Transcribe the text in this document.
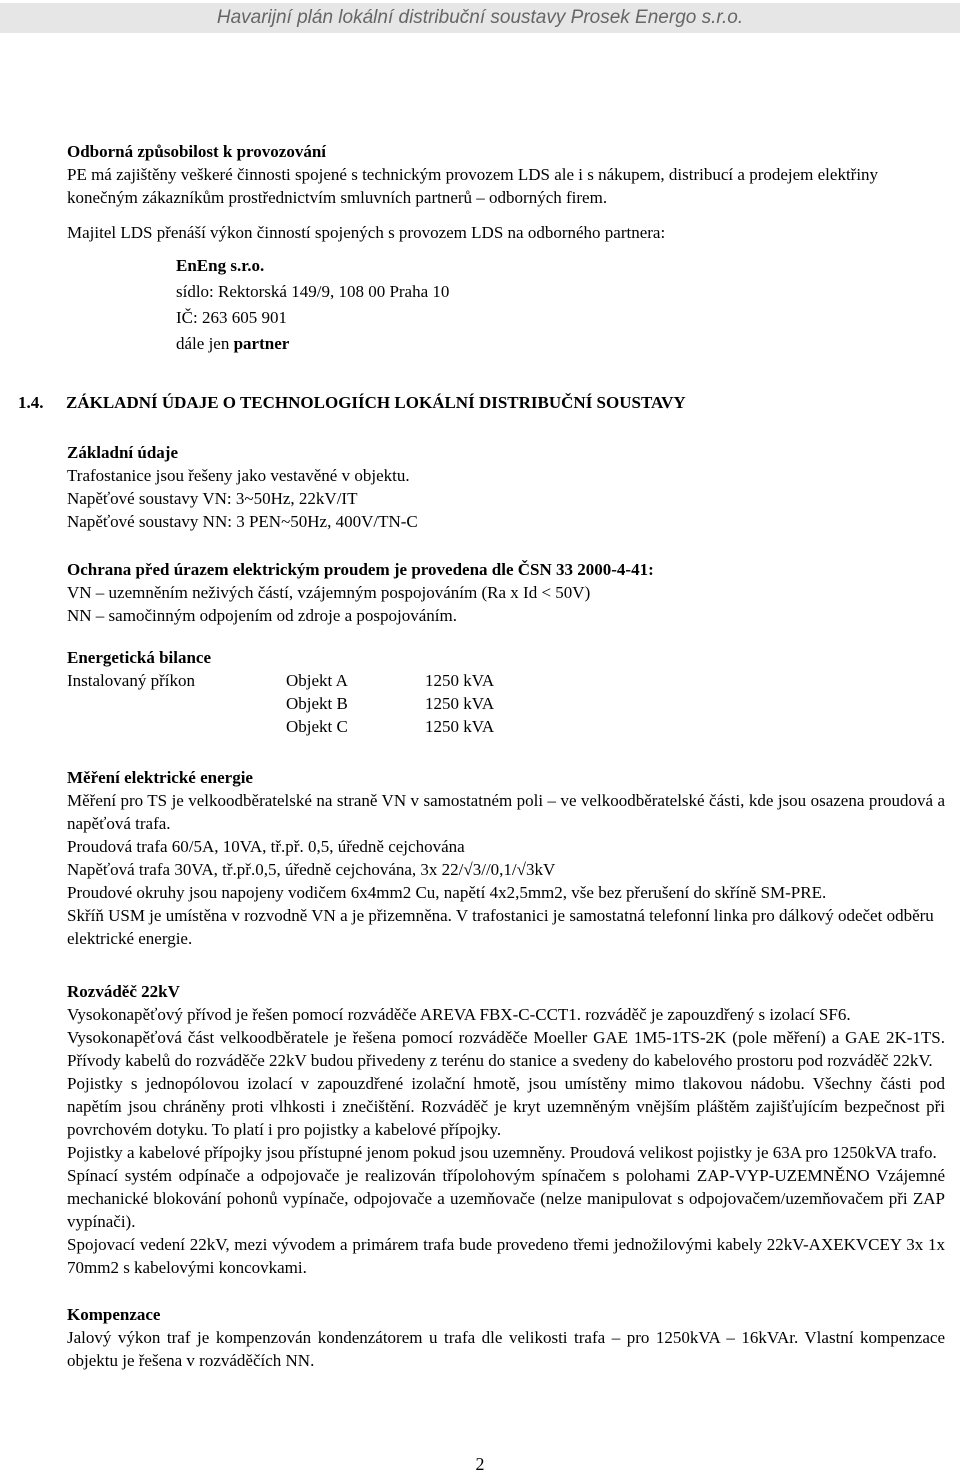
Havarijní plán lokální distribuční soustavy Prosek Energo s.r.o.

Odborná způsobilost k provozování

PE má zajištěny veškeré činnosti spojené s technickým provozem LDS ale i s nákupem, distribucí a prodejem elektřiny konečným zákazníkům prostřednictvím smluvních partnerů – odborných firem.

Majitel LDS přenáší výkon činností spojených s provozem LDS na odborného partnera:

EnEng s.r.o.

sídlo: Rektorská 149/9, 108 00 Praha 10

IČ: 263 605 901

dále jen partner

1.4. ZÁKLADNÍ ÚDAJE O TECHNOLOGIÍCH LOKÁLNÍ DISTRIBUČNÍ SOUSTAVY

Základní údaje

Trafostanice jsou řešeny jako vestavěné v objektu.

Napěťové soustavy VN: 3~50Hz, 22kV/IT

Napěťové soustavy NN: 3 PEN~50Hz, 400V/TN-C

Ochrana před úrazem elektrickým proudem je provedena dle ČSN 33 2000-4-41:

VN – uzemněním neživých částí, vzájemným pospojováním (Ra x Id < 50V)

NN – samočinným odpojením od zdroje a pospojováním.

Energetická bilance

Instalovaný příkon	Objekt A	1250 kVA
	Objekt B	1250 kVA
	Objekt C	1250 kVA

Měření elektrické energie

Měření pro TS je velkoodběratelské na straně VN v samostatném poli – ve velkoodběratelské části, kde jsou osazena proudová a napěťová trafa.

Proudová trafa 60/5A, 10VA, tř.př. 0,5, úředně cejchována

Napěťová trafa 30VA, tř.př.0,5, úředně cejchována, 3x 22/√3//0,1/√3kV

Proudové okruhy jsou napojeny vodičem 6x4mm2 Cu, napětí 4x2,5mm2, vše bez přerušení do skříně SM-PRE.

Skříň USM je umístěna v rozvodně VN a je přizemněna. V trafostanici je samostatná telefonní linka pro dálkový odečet odběru elektrické energie.

Rozváděč 22kV

Vysokonapěťový přívod je řešen pomocí rozváděče AREVA FBX-C-CCT1. rozváděč je zapouzdřený s izolací SF6.

Vysokonapěťová část velkoodběratele je řešena pomocí rozváděče Moeller GAE 1M5-1TS-2K (pole měření) a GAE 2K-1TS. Přívody kabelů do rozváděče 22kV budou přivedeny z terénu do stanice a svedeny do kabelového prostoru pod rozváděč 22kV.

Pojistky s jednopólovou izolací v zapouzdřené izolační hmotě, jsou umístěny mimo tlakovou nádobu. Všechny části pod napětím jsou chráněny proti vlhkosti i znečištění. Rozváděč je kryt uzemněným vnějším pláštěm zajišťujícím bezpečnost při povrchovém dotyku. To platí i pro pojistky a kabelové přípojky.

Pojistky a kabelové přípojky jsou přístupné jenom pokud jsou uzemněny. Proudová velikost pojistky je 63A pro 1250kVA trafo.

Spínací systém odpínače a odpojovače je realizován třípolohovým spínačem s polohami ZAP-VYP-UZEMNĚNO Vzájemné mechanické blokování pohonů vypínače, odpojovače a uzemňovače (nelze manipulovat s odpojovačem/uzemňovačem při ZAP vypínači).

Spojovací vedení 22kV, mezi vývodem a primárem trafa bude provedeno třemi jednožilovými kabely 22kV-AXEKVCEY 3x 1x 70mm2 s kabelovými koncovkami.

Kompenzace

Jalový výkon traf je kompenzován kondenzátorem u trafa dle velikosti trafa – pro 1250kVA – 16kVAr. Vlastní kompenzace objektu je řešena v rozváděčích NN.

2
